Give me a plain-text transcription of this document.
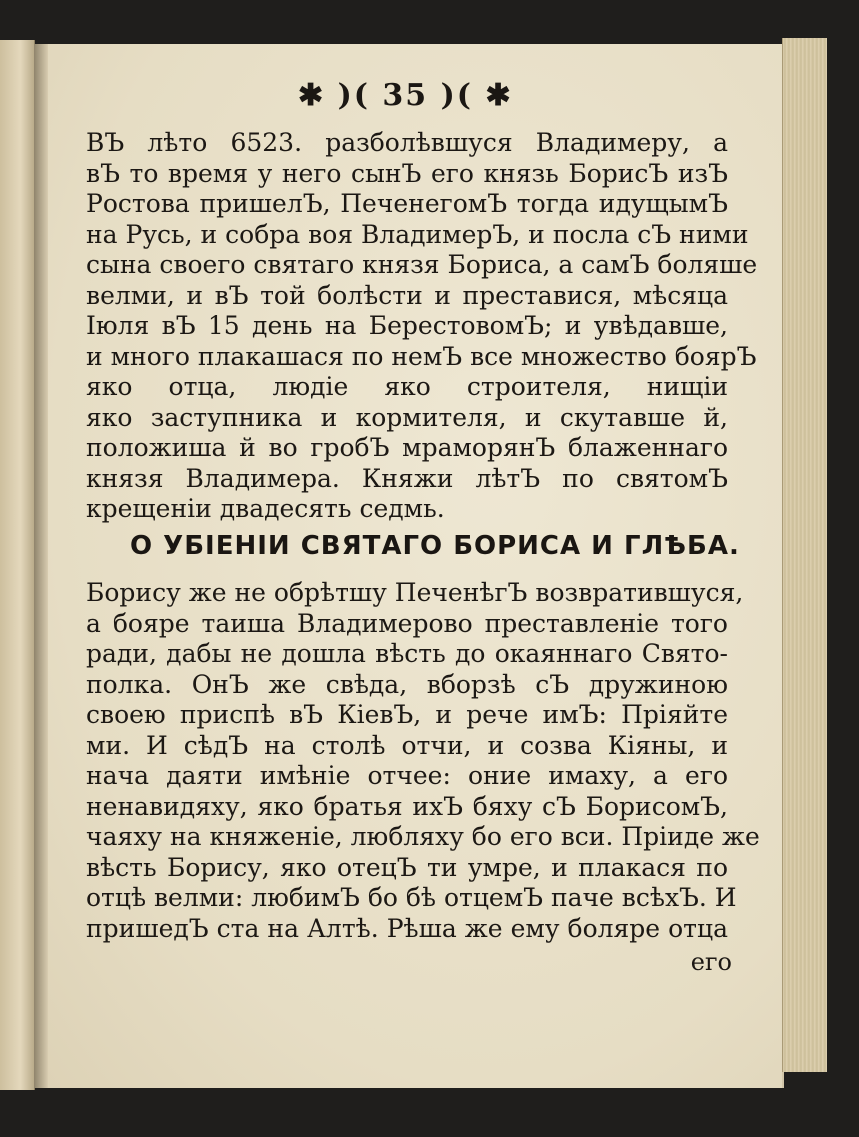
✱ )( 35 )( ✱
О УБІЕНІИ СВЯТАГО БОРИСА И ГЛѢБА.
его
ВЪ лѣто 6523. разболѣвшуся Владимеру, а
вЪ то время у него сынЪ его князь БорисЪ изЪ
Ростова пришелЪ, ПеченегомЪ тогда идущымЪ
на Русь, и собра воя ВладимерЪ, и посла сЪ ними
сына своего святаго князя Бориса, а самЪ боляше
велми, и вЪ той болѣсти и преставися, мѣсяца
Іюля вЪ 15 день на БерестовомЪ; и увѣдавше,
и много плакашася по немЪ все множество боярЪ
яко отца, людіе яко строителя, нищіи
яко заступника и кормителя, и скутавше й,
положиша й во гробЪ мраморянЪ блаженнаго
князя Владимера. Княжи лѣтЪ по святомЪ
крещеніи двадесять седмь.
Борису же не обрѣтшу ПеченѣгЪ возвратившуся,
а бояре таиша Владимерово преставленіе того
ради, дабы не дошла вѣсть до окаяннаго Свято-
полка. ОнЪ же свѣда, вборзѣ сЪ дружиною
своею приспѣ вЪ КіевЪ, и рече имЪ: Пріяйте
ми. И сѣдЪ на столѣ отчи, и созва Кіяны, и
нача даяти имѣніе отчее: оние имаху, а его
ненавидяху, яко братья ихЪ бяху сЪ БорисомЪ,
чаяху на княженіе, любляху бо его вси. Пріиде же
вѣсть Борису, яко отецЪ ти умре, и плакася по
отцѣ велми: любимЪ бо бѣ отцемЪ паче всѣхЪ. И
пришедЪ ста на Алтѣ. Рѣша же ему боляре отца
